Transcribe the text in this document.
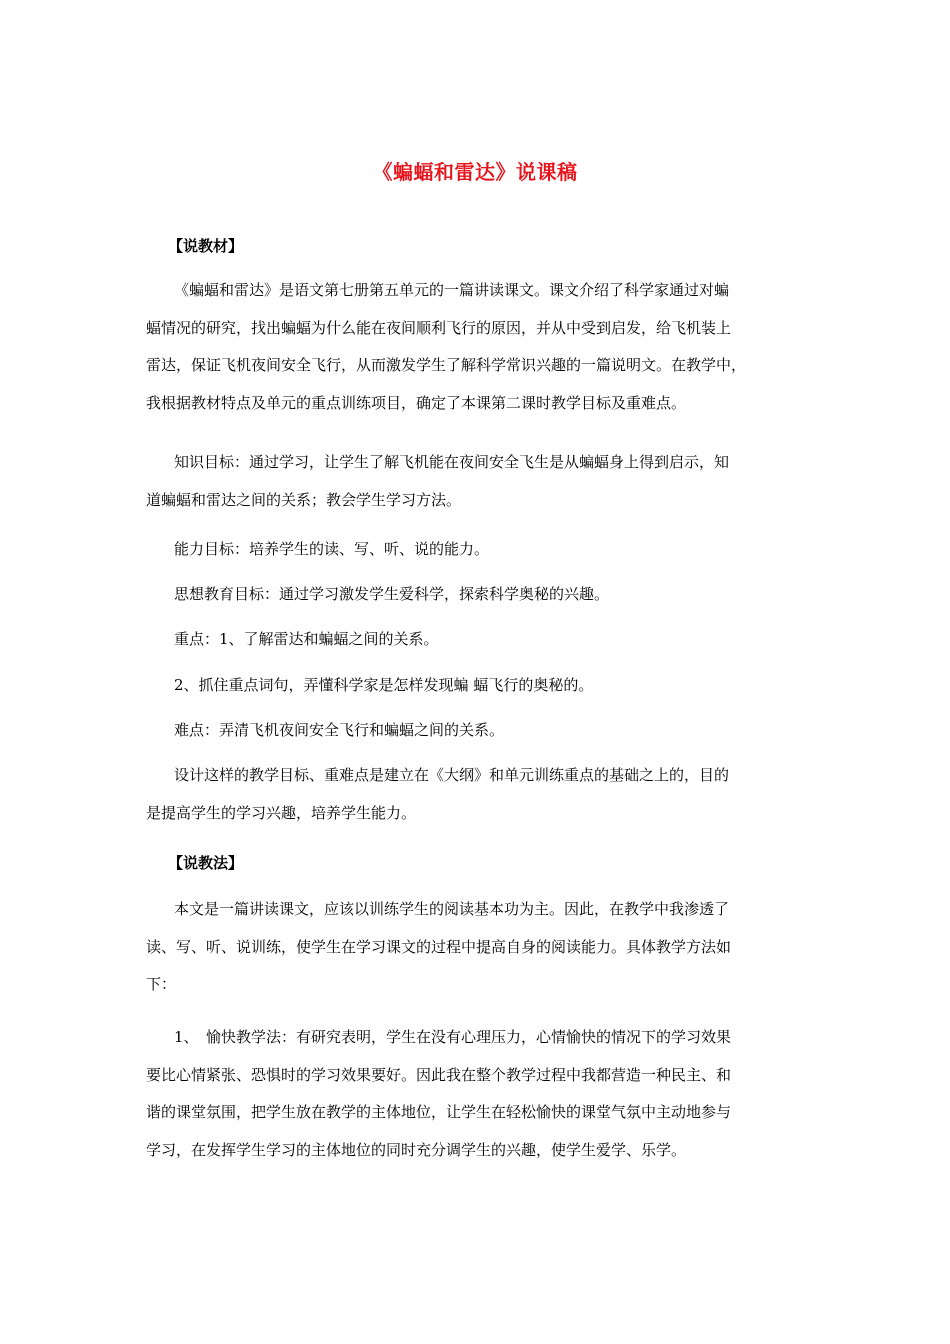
《蝙蝠和雷达》说课稿
【说教材】
《蝙蝠和雷达》是语文第七册第五单元的一篇讲读课文。课文介绍了科学家通过对蝙
蝠情况的研究，找出蝙蝠为什么能在夜间顺利飞行的原因，并从中受到启发，给飞机装上
雷达，保证飞机夜间安全飞行，从而激发学生了解科学常识兴趣的一篇说明文。在教学中，
我根据教材特点及单元的重点训练项目，确定了本课第二课时教学目标及重难点。
知识目标：通过学习，让学生了解飞机能在夜间安全飞生是从蝙蝠身上得到启示，知
道蝙蝠和雷达之间的关系；教会学生学习方法。
能力目标：培养学生的读、写、听、说的能力。
思想教育目标：通过学习激发学生爱科学，探索科学奥秘的兴趣。
重点：1、了解雷达和蝙蝠之间的关系。
2、抓住重点词句，弄懂科学家是怎样发现蝙 蝠飞行的奥秘的。
难点：弄清飞机夜间安全飞行和蝙蝠之间的关系。
设计这样的教学目标、重难点是建立在《大纲》和单元训练重点的基础之上的，目的
是提高学生的学习兴趣，培养学生能力。
【说教法】
本文是一篇讲读课文，应该以训练学生的阅读基本功为主。因此，在教学中我渗透了
读、写、听、说训练，使学生在学习课文的过程中提高自身的阅读能力。具体教学方法如
下：
1、　愉快教学法：有研究表明，学生在没有心理压力，心情愉快的情况下的学习效果
要比心情紧张、恐惧时的学习效果要好。因此我在整个教学过程中我都营造一种民主、和
谐的课堂氛围，把学生放在教学的主体地位，让学生在轻松愉快的课堂气氛中主动地参与
学习，在发挥学生学习的主体地位的同时充分调学生的兴趣，使学生爱学、乐学。
